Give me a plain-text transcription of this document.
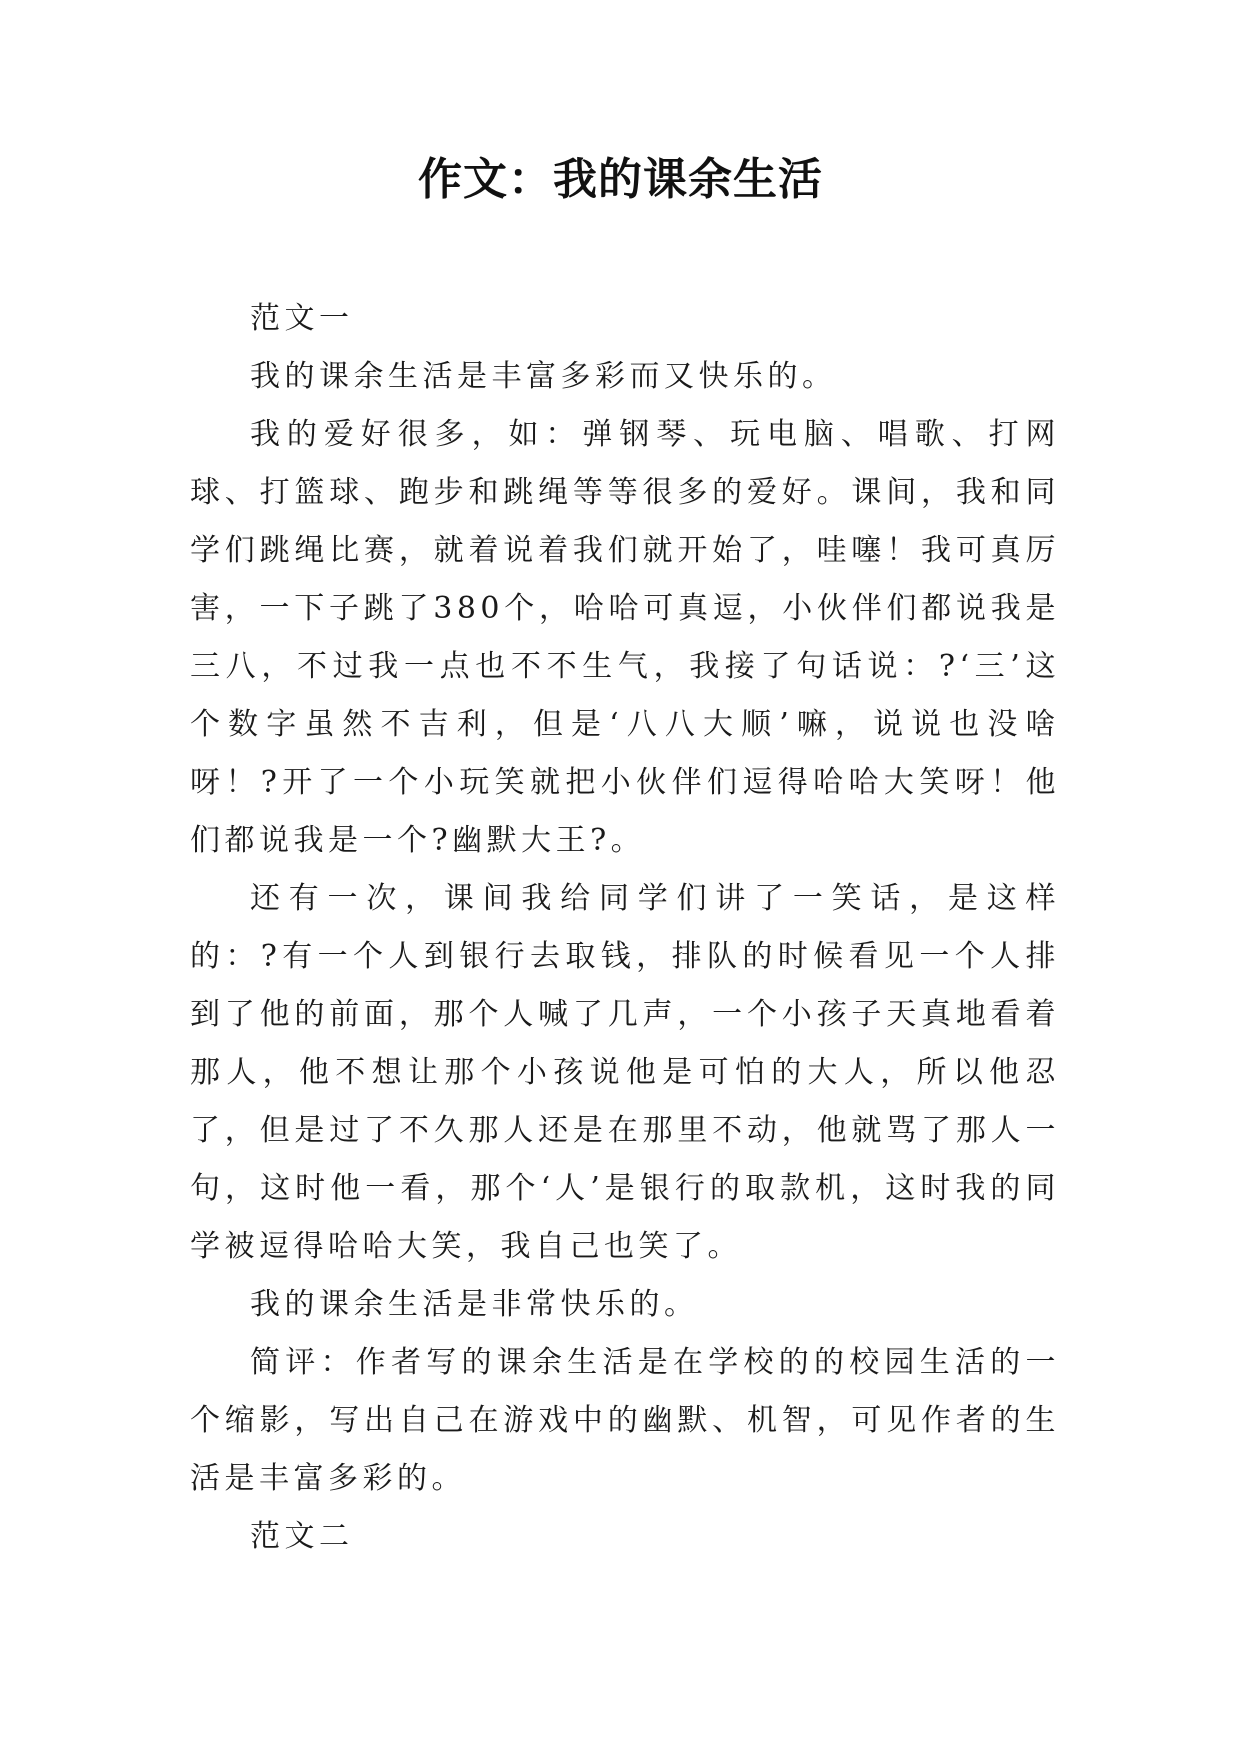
作文：我的课余生活

范文一

我的课余生活是丰富多彩而又快乐的。

我的爱好很多，如：弹钢琴、玩电脑、唱歌、打网球、打篮球、跑步和跳绳等等很多的爱好。课间，我和同学们跳绳比赛，就着说着我们就开始了，哇噻！我可真厉害，一下子跳了380个，哈哈可真逗，小伙伴们都说我是三八，不过我一点也不不生气，我接了句话说：?‘三’这个数字虽然不吉利，但是‘八八大顺’嘛，说说也没啥呀！?开了一个小玩笑就把小伙伴们逗得哈哈大笑呀！他们都说我是一个?幽默大王?。

还有一次，课间我给同学们讲了一笑话，是这样的：?有一个人到银行去取钱，排队的时候看见一个人排到了他的前面，那个人喊了几声，一个小孩子天真地看着那人，他不想让那个小孩说他是可怕的大人，所以他忍了，但是过了不久那人还是在那里不动，他就骂了那人一句，这时他一看，那个‘人’是银行的取款机，这时我的同学被逗得哈哈大笑，我自己也笑了。

我的课余生活是非常快乐的。

简评：作者写的课余生活是在学校的的校园生活的一个缩影，写出自己在游戏中的幽默、机智，可见作者的生活是丰富多彩的。

范文二
